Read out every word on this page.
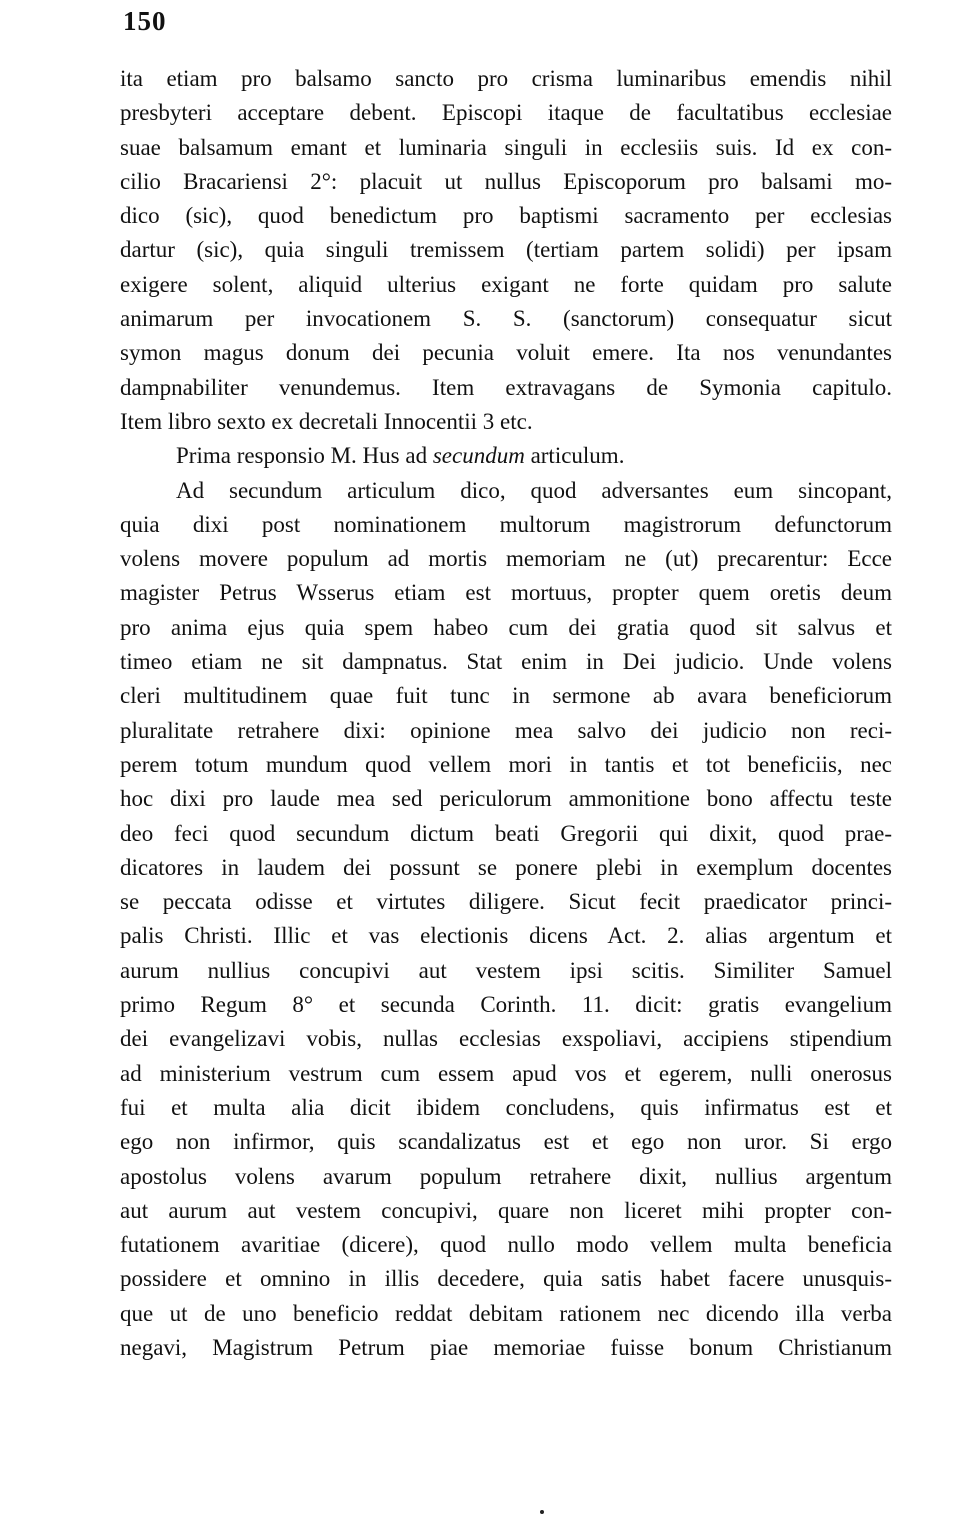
150
ita etiam pro balsamo sancto pro crisma luminaribus emendis nihil
presbyteri acceptare debent. Episcopi itaque de facultatibus ecclesiae
suae balsamum emant et luminaria singuli in ecclesiis suis. Id ex con-
cilio Bracariensi 2°: placuit ut nullus Episcoporum pro balsami mo-
dico (sic), quod benedictum pro baptismi sacramento per ecclesias
dartur (sic), quia singuli tremissem (tertiam partem solidi) per ipsam
exigere solent, aliquid ulterius exigant ne forte quidam pro salute
animarum per invocationem S. S. (sanctorum) consequatur sicut
symon magus donum dei pecunia voluit emere. Ita nos venundantes
dampnabiliter venundemus. Item extravagans de Symonia capitulo.
Item libro sexto ex decretali Innocentii 3 etc.
Prima responsio M. Hus ad secundum articulum.
Ad secundum articulum dico, quod adversantes eum sincopant,
quia dixi post nominationem multorum magistrorum defunctorum
volens movere populum ad mortis memoriam ne (ut) precarentur: Ecce
magister Petrus Wsserus etiam est mortuus, propter quem oretis deum
pro anima ejus quia spem habeo cum dei gratia quod sit salvus et
timeo etiam ne sit dampnatus. Stat enim in Dei judicio. Unde volens
cleri multitudinem quae fuit tunc in sermone ab avara beneficiorum
pluralitate retrahere dixi: opinione mea salvo dei judicio non reci-
perem totum mundum quod vellem mori in tantis et tot beneficiis, nec
hoc dixi pro laude mea sed periculorum ammonitione bono affectu teste
deo feci quod secundum dictum beati Gregorii qui dixit, quod prae-
dicatores in laudem dei possunt se ponere plebi in exemplum docentes
se peccata odisse et virtutes diligere. Sicut fecit praedicator princi-
palis Christi. Illic et vas electionis dicens Act. 2. alias argentum et
aurum nullius concupivi aut vestem ipsi scitis. Similiter Samuel
primo Regum 8° et secunda Corinth. 11. dicit: gratis evangelium
dei evangelizavi vobis, nullas ecclesias exspoliavi, accipiens stipendium
ad ministerium vestrum cum essem apud vos et egerem, nulli onerosus
fui et multa alia dicit ibidem concludens, quis infirmatus est et
ego non infirmor, quis scandalizatus est et ego non uror. Si ergo
apostolus volens avarum populum retrahere dixit, nullius argentum
aut aurum aut vestem concupivi, quare non liceret mihi propter con-
futationem avaritiae (dicere), quod nullo modo vellem multa beneficia
possidere et omnino in illis decedere, quia satis habet facere unusquis-
que ut de uno beneficio reddat debitam rationem nec dicendo illa verba
negavi, Magistrum Petrum piae memoriae fuisse bonum Christianum
